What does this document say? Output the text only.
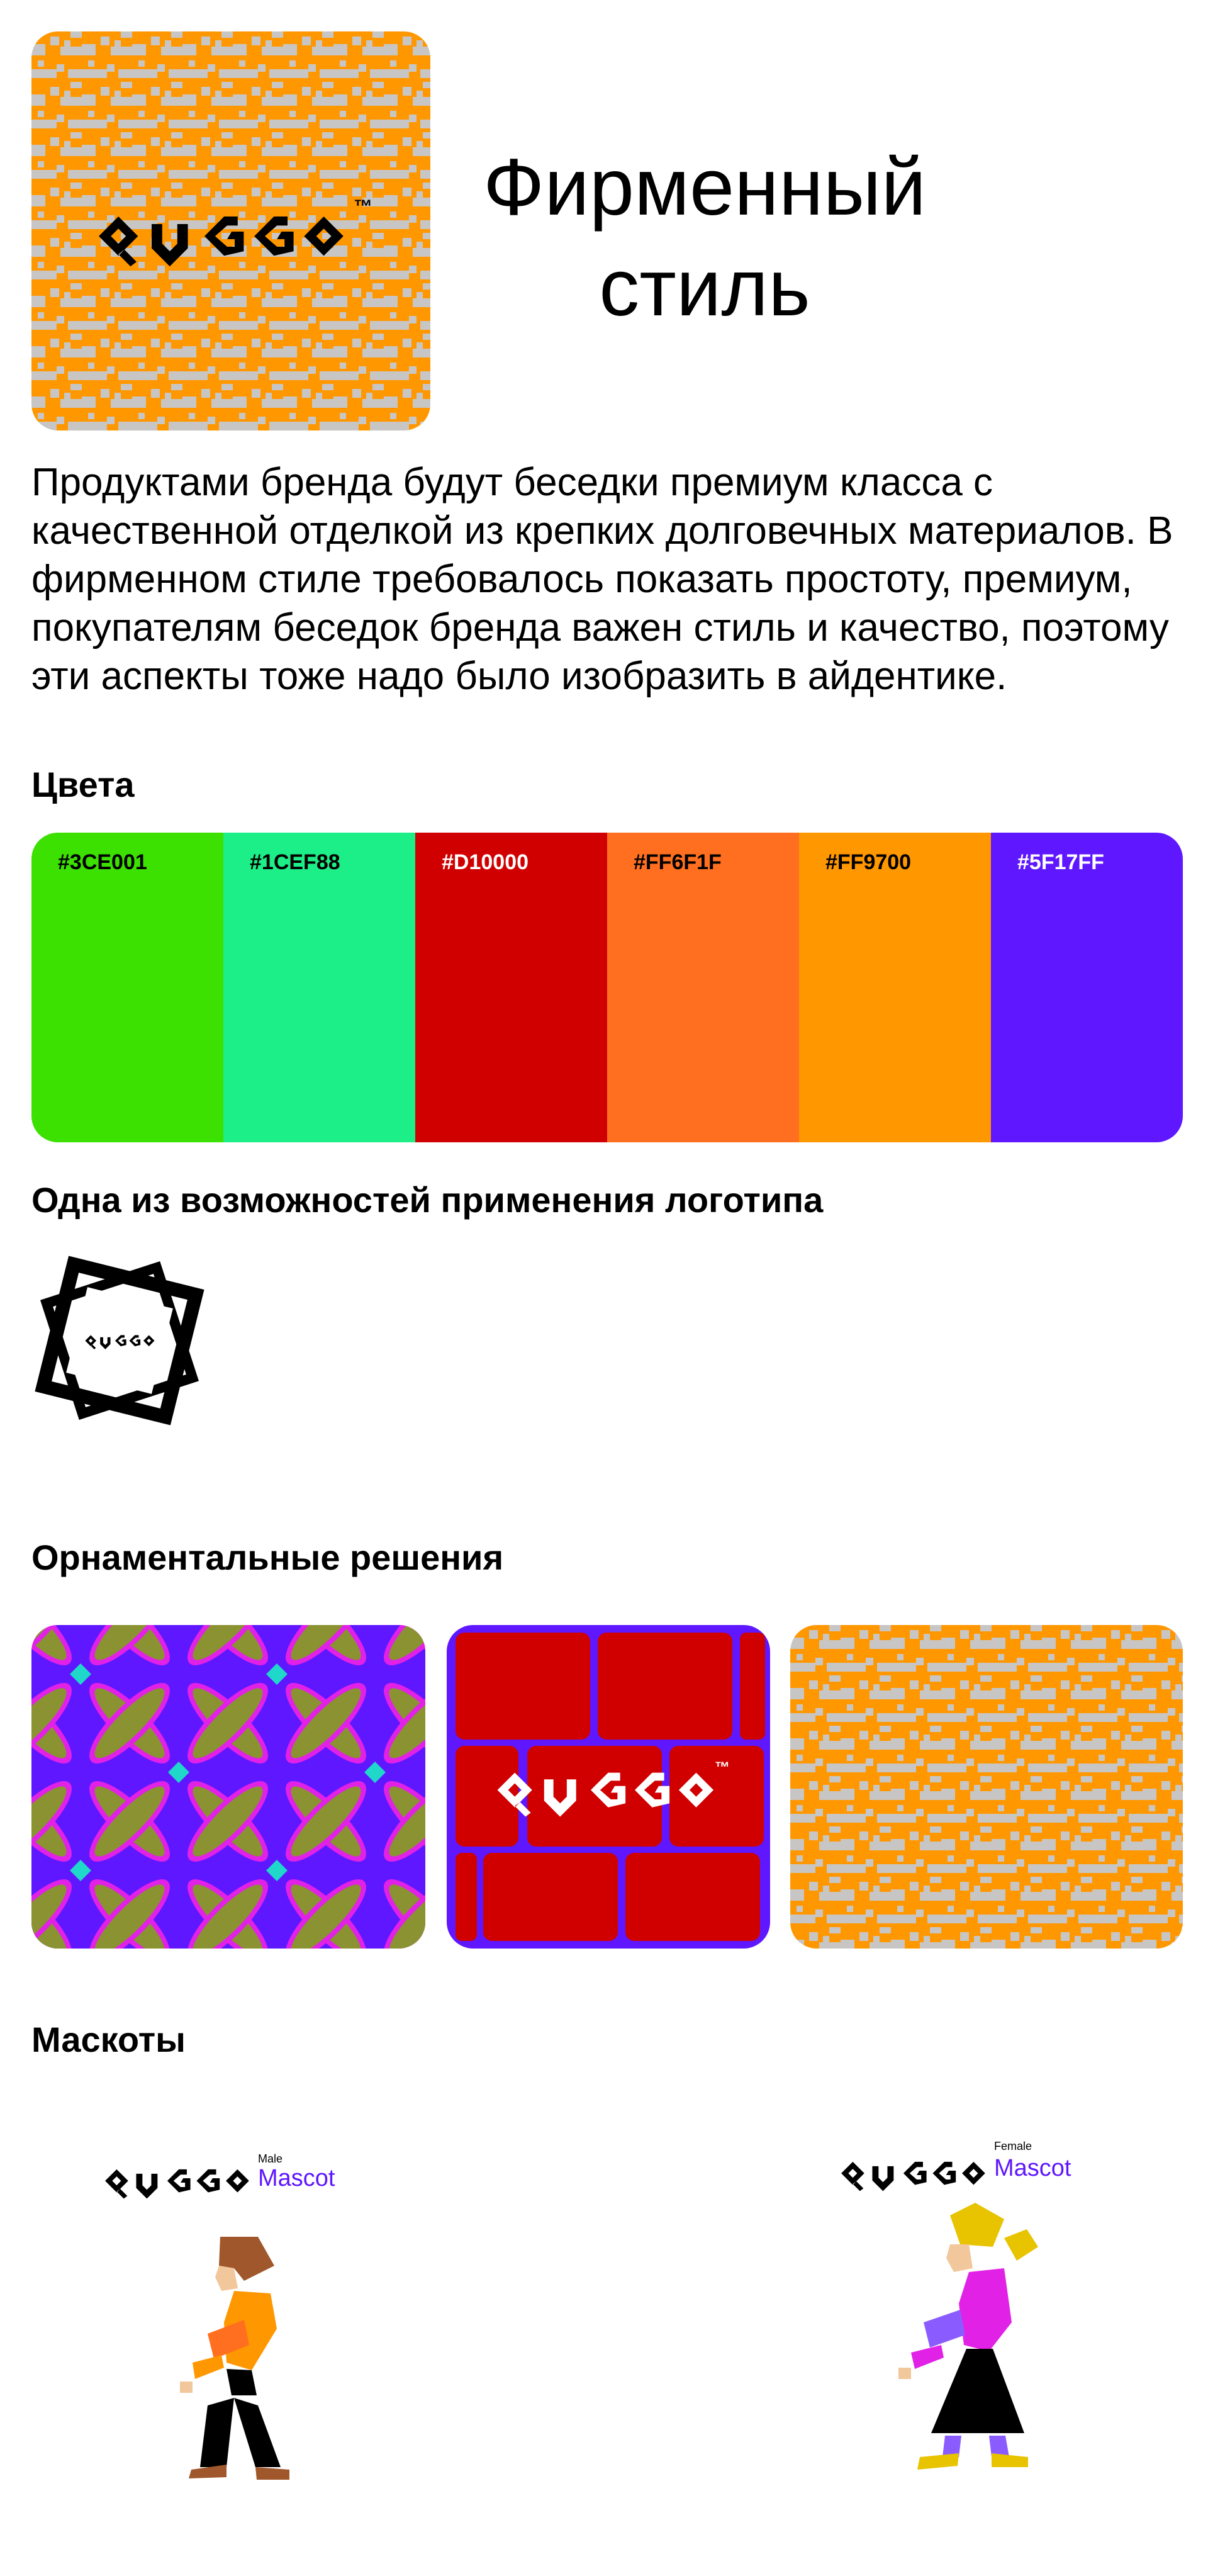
™ Фирменный
стиль

Продуктами бренда будут беседки премиум класса с качественной отделкой из крепких долговечных материалов. В фирменном стиле требовалось показать простоту, премиум, покупателям беседок бренда важен стиль и качество, поэтому эти аспекты тоже надо было изобразить в айдентике.

Цвета
#3CE001	#1CEF88	#D10000	#FF6F1F	#FF9700	#5F17FF
Одна из возможностей применения логотипа
Орнаментальные решения
™
Маскоты
Male
Mascot
Female
Mascot
